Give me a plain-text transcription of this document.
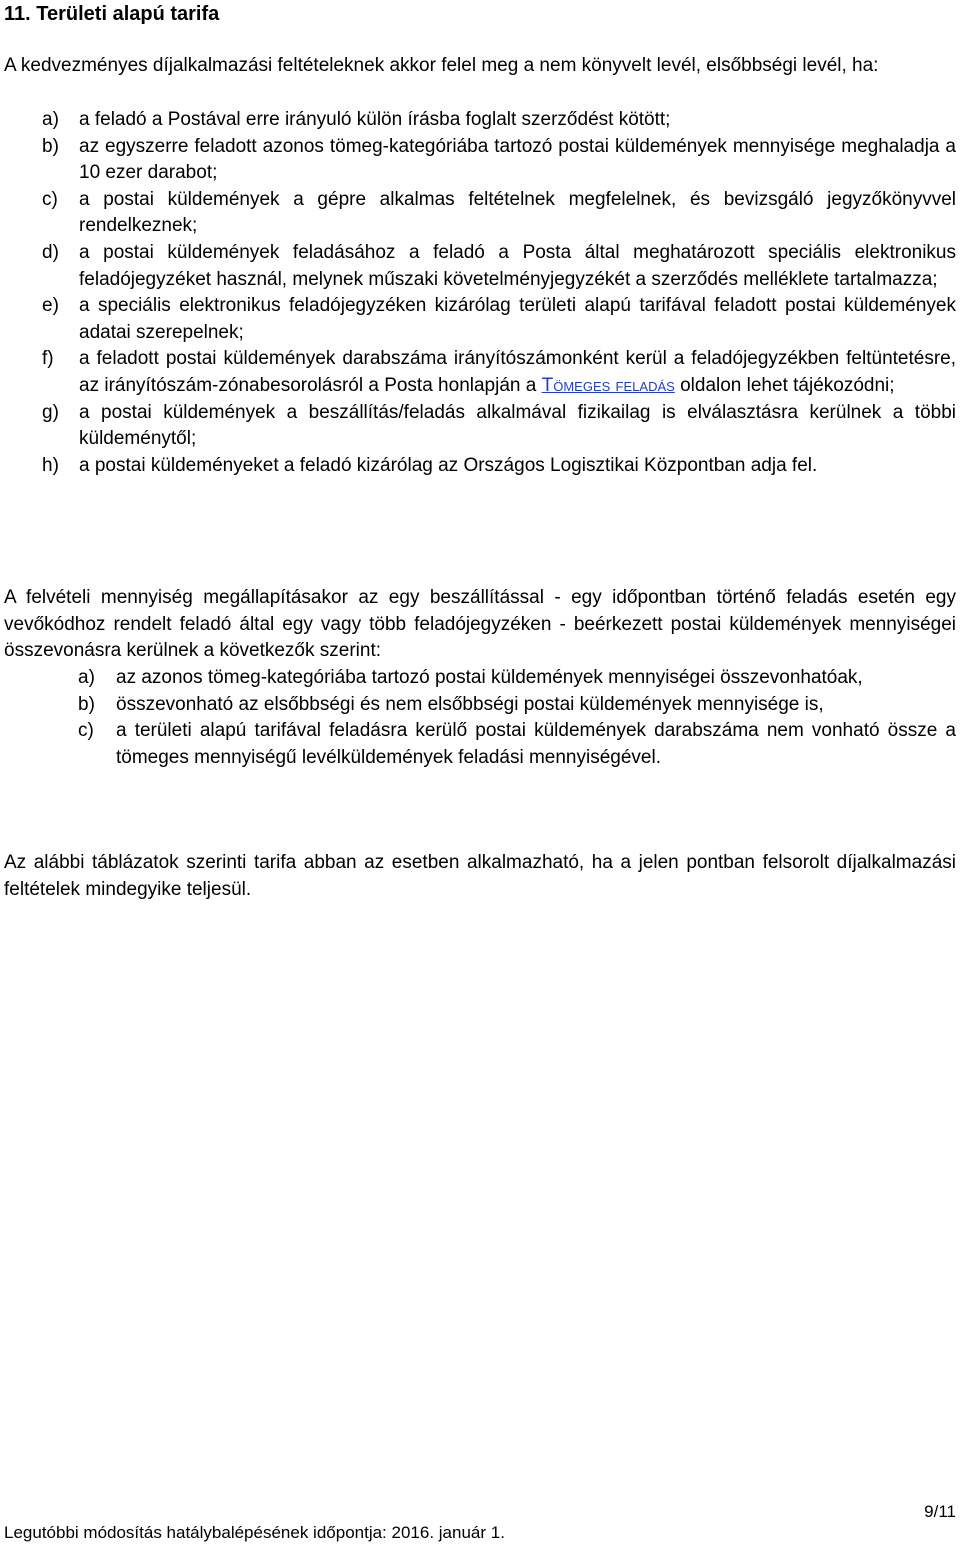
11. Területi alapú tarifa

A kedvezményes díjalkalmazási feltételeknek akkor felel meg a nem könyvelt levél, elsőbbségi levél, ha:

a) a feladó a Postával erre irányuló külön írásba foglalt szerződést kötött;
b) az egyszerre feladott azonos tömeg-kategóriába tartozó postai küldemények mennyisége meghaladja a 10 ezer darabot;
c) a postai küldemények a gépre alkalmas feltételnek megfelelnek, és bevizsgáló jegyzőkönyvvel rendelkeznek;
d) a postai küldemények feladásához a feladó a Posta által meghatározott speciális elektronikus feladójegyzéket használ, melynek műszaki követelményjegyzékét a szerződés melléklete tartalmazza;
e) a speciális elektronikus feladójegyzéken kizárólag területi alapú tarifával feladott postai küldemények adatai szerepelnek;
f) a feladott postai küldemények darabszáma irányítószámonként kerül a feladójegyzékben feltüntetésre, az irányítószám-zónabesorolásról a Posta honlapján a Tömeges feladás oldalon lehet tájékozódni;
g) a postai küldemények a beszállítás/feladás alkalmával fizikailag is elválasztásra kerülnek a többi küldeménytől;
h) a postai küldeményeket a feladó kizárólag az Országos Logisztikai Központban adja fel.

A felvételi mennyiség megállapításakor az egy beszállítással - egy időpontban történő feladás esetén egy vevőkódhoz rendelt feladó által egy vagy több feladójegyzéken - beérkezett postai küldemények mennyiségei összevonásra kerülnek a következők szerint:

a) az azonos tömeg-kategóriába tartozó postai küldemények mennyiségei összevonhatóak,
b) összevonható az elsőbbségi és nem elsőbbségi postai küldemények mennyisége is,
c) a területi alapú tarifával feladásra kerülő postai küldemények darabszáma nem vonható össze a tömeges mennyiségű levélküldemények feladási mennyiségével.

Az alábbi táblázatok szerinti tarifa abban az esetben alkalmazható, ha a jelen pontban felsorolt díjalkalmazási feltételek mindegyike teljesül.

9/11
Legutóbbi módosítás hatálybalépésének időpontja: 2016. január 1.
